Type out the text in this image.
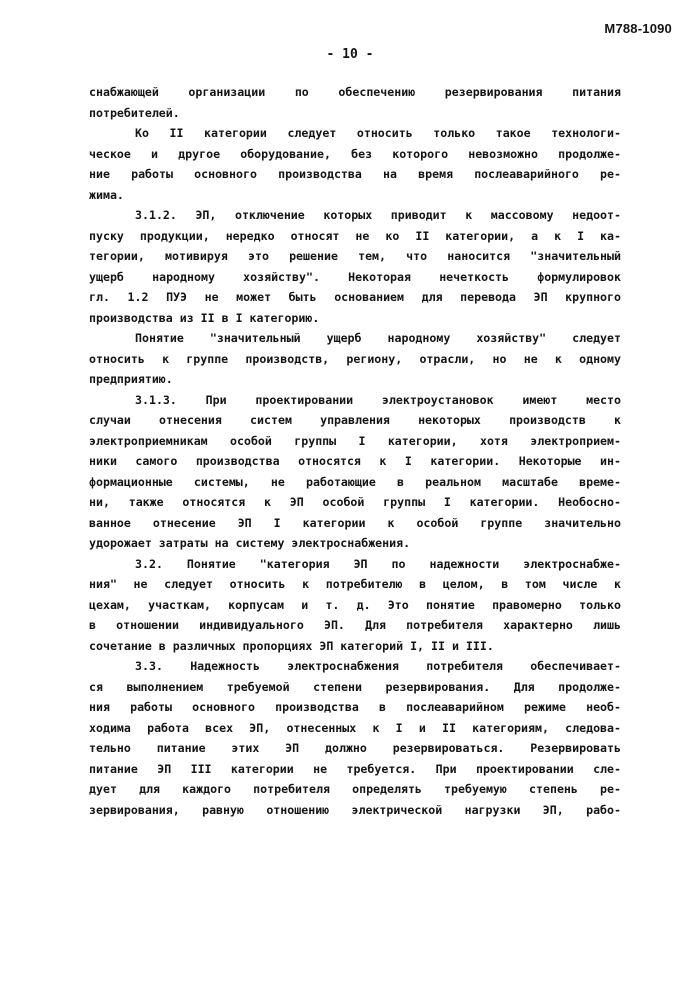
M788-1090
- 10 -
снабжающей организации по обеспечению резервирования питания
потребителей.
Ко II категории следует относить только такое технологи-
ческое и другое оборудование, без которого невозможно продолже-
ние работы основного производства на время послеаварийного ре-
жима.
3.1.2. ЭП, отключение которых приводит к массовому недоот-
пуску продукции, нередко относят не ко II категории, а к I ка-
тегории, мотивируя это решение тем, что наносится "значительный
ущерб народному хозяйству". Некоторая нечеткость формулировок
гл. 1.2 ПУЭ не может быть основанием для перевода ЭП крупного
производства из II в I категорию.
Понятие "значительный ущерб народному хозяйству" следует
относить к группе производств, региону, отрасли, но не к одному
предприятию.
3.1.3. При проектировании электроустановок имеют место
случаи отнесения систем управления некоторых производств к
электроприемникам особой группы I категории, хотя электроприем-
ники самого производства относятся к I категории. Некоторые ин-
формационные системы, не работающие в реальном масштабе време-
ни, также относятся к ЭП особой группы I категории. Необосно-
ванное отнесение ЭП I категории к особой группе значительно
удорожает затраты на систему электроснабжения.
3.2. Понятие "категория ЭП по надежности электроснабже-
ния" не следует относить к потребителю в целом, в том числе к
цехам, участкам, корпусам и т. д. Это понятие правомерно только
в отношении индивидуального ЭП. Для потребителя характерно лишь
сочетание в различных пропорциях ЭП категорий I, II и III.
3.3. Надежность электроснабжения потребителя обеспечивает-
ся выполнением требуемой степени резервирования. Для продолже-
ния работы основного производства в послеаварийном режиме необ-
ходима работа всех ЭП, отнесенных к I и II категориям, следова-
тельно питание этих ЭП должно резервироваться. Резервировать
питание ЭП III категории не требуется. При проектировании сле-
дует для каждого потребителя определять требуемую степень ре-
зервирования, равную отношению электрической нагрузки ЭП, рабо-
